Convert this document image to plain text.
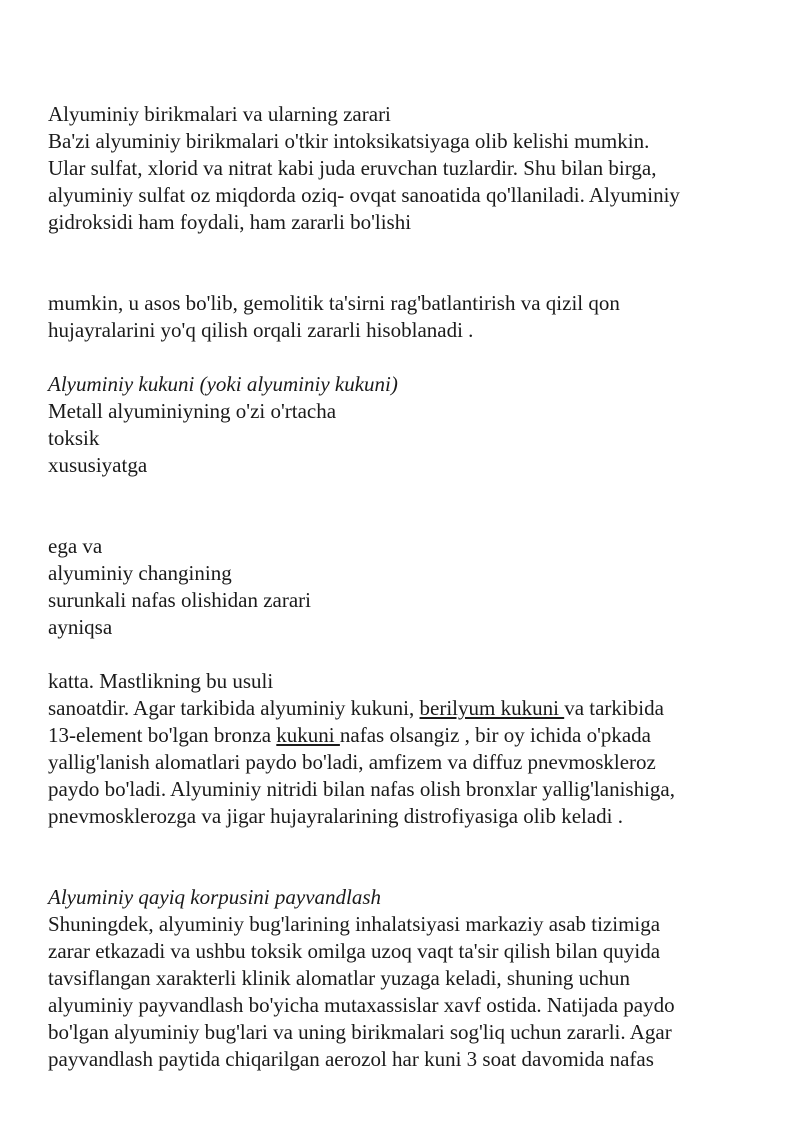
Alyuminiy birikmalari va ularning zarari
Ba'zi alyuminiy birikmalari o'tkir intoksikatsiyaga olib kelishi mumkin.
Ular sulfat, xlorid va nitrat kabi juda eruvchan tuzlardir. Shu bilan birga,
alyuminiy sulfat oz miqdorda oziq- ovqat sanoatida qo'llaniladi. Alyuminiy
gidroksidi ham foydali, ham zararli bo'lishi
mumkin, u asos bo'lib, gemolitik ta'sirni rag'batlantirish va qizil qon
hujayralarini yo'q qilish orqali zararli hisoblanadi .
Alyuminiy kukuni (yoki alyuminiy kukuni)
Metall alyuminiyning o'zi o'rtacha
toksik
xususiyatga
ega va
alyuminiy changining
surunkali nafas olishidan zarari
ayniqsa
katta. Mastlikning bu usuli
sanoatdir. Agar tarkibida alyuminiy kukuni, berilyum kukuni va tarkibida
13-element bo'lgan bronza kukuni nafas olsangiz , bir oy ichida o'pkada
yallig'lanish alomatlari paydo bo'ladi, amfizem va diffuz pnevmoskleroz
paydo bo'ladi. Alyuminiy nitridi bilan nafas olish bronxlar yallig'lanishiga,
pnevmosklerozga va jigar hujayralarining distrofiyasiga olib keladi .
Alyuminiy qayiq korpusini payvandlash
Shuningdek, alyuminiy bug'larining inhalatsiyasi markaziy asab tizimiga
zarar etkazadi va ushbu toksik omilga uzoq vaqt ta'sir qilish bilan quyida
tavsiflangan xarakterli klinik alomatlar yuzaga keladi, shuning uchun
alyuminiy payvandlash bo'yicha mutaxassislar xavf ostida. Natijada paydo
bo'lgan alyuminiy bug'lari va uning birikmalari sog'liq uchun zararli. Agar
payvandlash paytida chiqarilgan aerozol har kuni 3 soat davomida nafas
